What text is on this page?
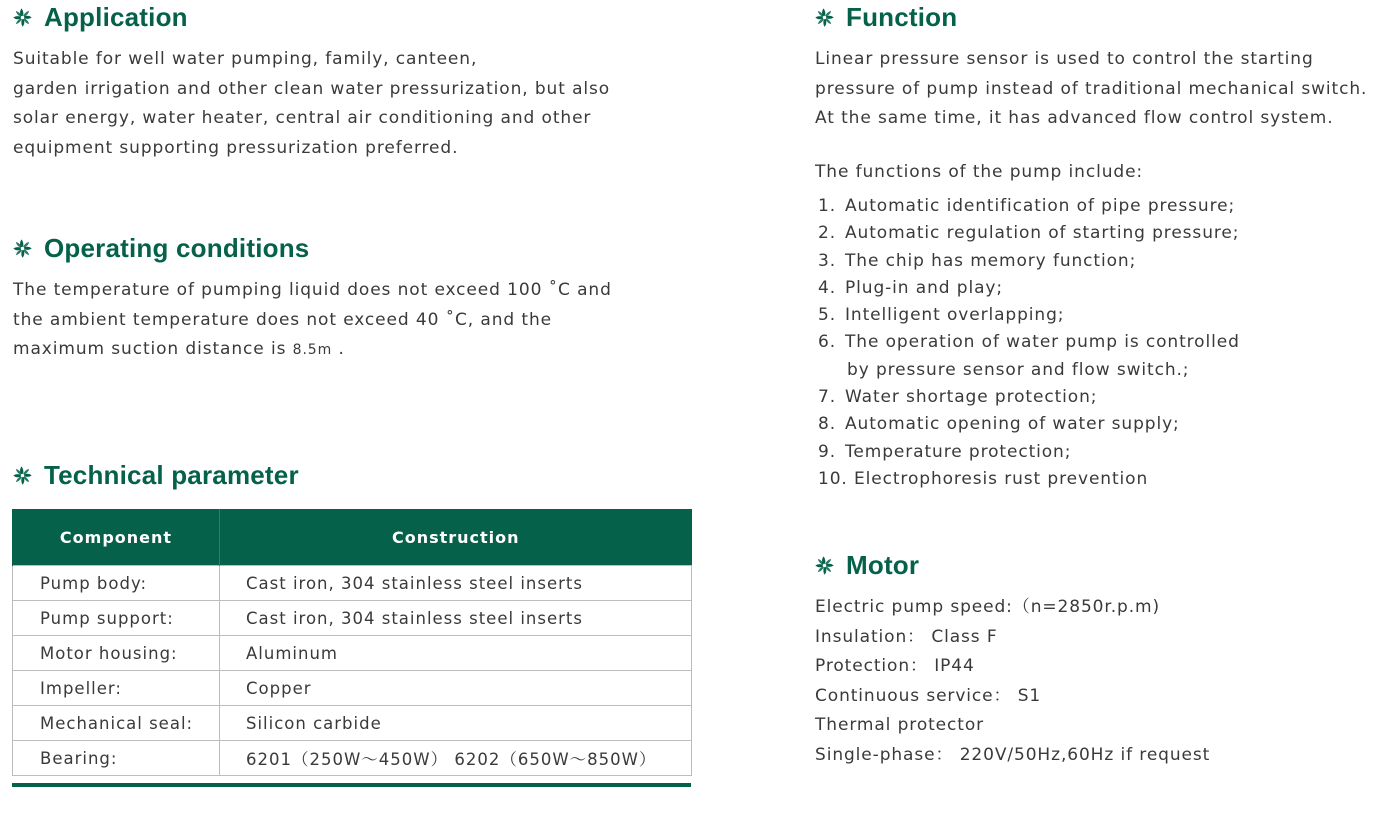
Application
Suitable for well water pumping, family, canteen,
garden irrigation and other clean water pressurization, but also
solar energy, water heater, central air conditioning and other
equipment supporting pressurization preferred.
Operating conditions
The temperature of pumping liquid does not exceed 100 ˚C and
the ambient temperature does not exceed 40 ˚C, and the
maximum suction distance is 8.5m .
Technical parameter
Component	Construction
Pump body:	Cast iron, 304 stainless steel inserts
Pump support:	Cast iron, 304 stainless steel inserts
Motor housing:	Aluminum
Impeller:	Copper
Mechanical seal:	Silicon carbide
Bearing:	6201（250W～450W） 6202（650W～850W）
Function
Linear pressure sensor is used to control the starting
pressure of pump instead of traditional mechanical switch.
At the same time, it has advanced flow control system.
The functions of the pump include:
1. Automatic identification of pipe pressure;
2. Automatic regulation of starting pressure;
3. The chip has memory function;
4. Plug-in and play;
5. Intelligent overlapping;
6. The operation of water pump is controlled
by pressure sensor and flow switch.;
7. Water shortage protection;
8. Automatic opening of water supply;
9. Temperature protection;
10. Electrophoresis rust prevention
Motor
Electric pump speed:（n=2850r.p.m)
Insulation： Class F
Protection： IP44
Continuous service： S1
Thermal protector
Single-phase： 220V/50Hz,60Hz if request
